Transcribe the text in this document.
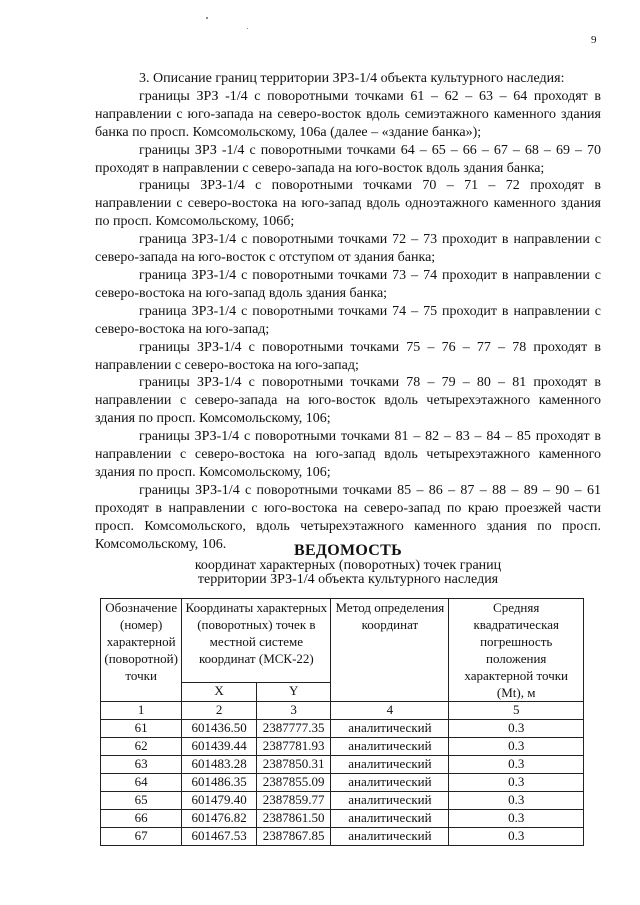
9

3. Описание границ территории ЗРЗ-1/4 объекта культурного наследия:

границы ЗРЗ -1/4 с поворотными точками 61 – 62 – 63 – 64 проходят в направлении с юго-запада на северо-восток вдоль семиэтажного каменного здания банка по просп. Комсомольскому, 106а (далее – «здание банка»);

границы ЗРЗ -1/4 с поворотными точками 64 – 65 – 66 – 67 – 68 – 69 – 70 проходят в направлении с северо-запада на юго-восток вдоль здания банка;

границы ЗРЗ-1/4 с поворотными точками 70 – 71 – 72 проходят в направлении с северо-востока на юго-запад вдоль одноэтажного каменного здания по просп. Комсомольскому, 106б;

граница ЗРЗ-1/4 с поворотными точками 72 – 73 проходит в направлении с северо-запада на юго-восток с отступом от здания банка;

граница ЗРЗ-1/4 с поворотными точками 73 – 74 проходит в направлении с северо-востока на юго-запад вдоль здания банка;

граница ЗРЗ-1/4 с поворотными точками 74 – 75 проходит в направлении с северо-востока на юго-запад;

границы ЗРЗ-1/4 с поворотными точками 75 – 76 – 77 – 78 проходят в направлении с северо-востока на юго-запад;

границы ЗРЗ-1/4 с поворотными точками 78 – 79 – 80 – 81 проходят в направлении с северо-запада на юго-восток вдоль четырехэтажного каменного здания по просп. Комсомольскому, 106;

границы ЗРЗ-1/4 с поворотными точками 81 – 82 – 83 – 84 – 85 проходят в направлении с северо-востока на юго-запад вдоль четырехэтажного каменного здания по просп. Комсомольскому, 106;

границы ЗРЗ-1/4 с поворотными точками 85 – 86 – 87 – 88 – 89 – 90 – 61 проходят в направлении с юго-востока на северо-запад по краю проезжей части просп. Комсомольского, вдоль четырехэтажного каменного здания по просп. Комсомольскому, 106.	ВЕДОМОСТЬ
координат характерных (поворотных) точек границ
территории ЗРЗ-1/4 объекта культурного наследия
Обозначение (номер) характерной (поворотной) точки	Координаты характерных (поворотных) точек в местной системе координат (МСК-22)		Метод определения координат	Средняя квадратическая погрешность положения характерной точки (Mt), м
	X	Y		
1	2	3	4	5
61	601436.50	2387777.35	аналитический	0.3
62	601439.44	2387781.93	аналитический	0.3
63	601483.28	2387850.31	аналитический	0.3
64	601486.35	2387855.09	аналитический	0.3
65	601479.40	2387859.77	аналитический	0.3
66	601476.82	2387861.50	аналитический	0.3
67	601467.53	2387867.85	аналитический	0.3
